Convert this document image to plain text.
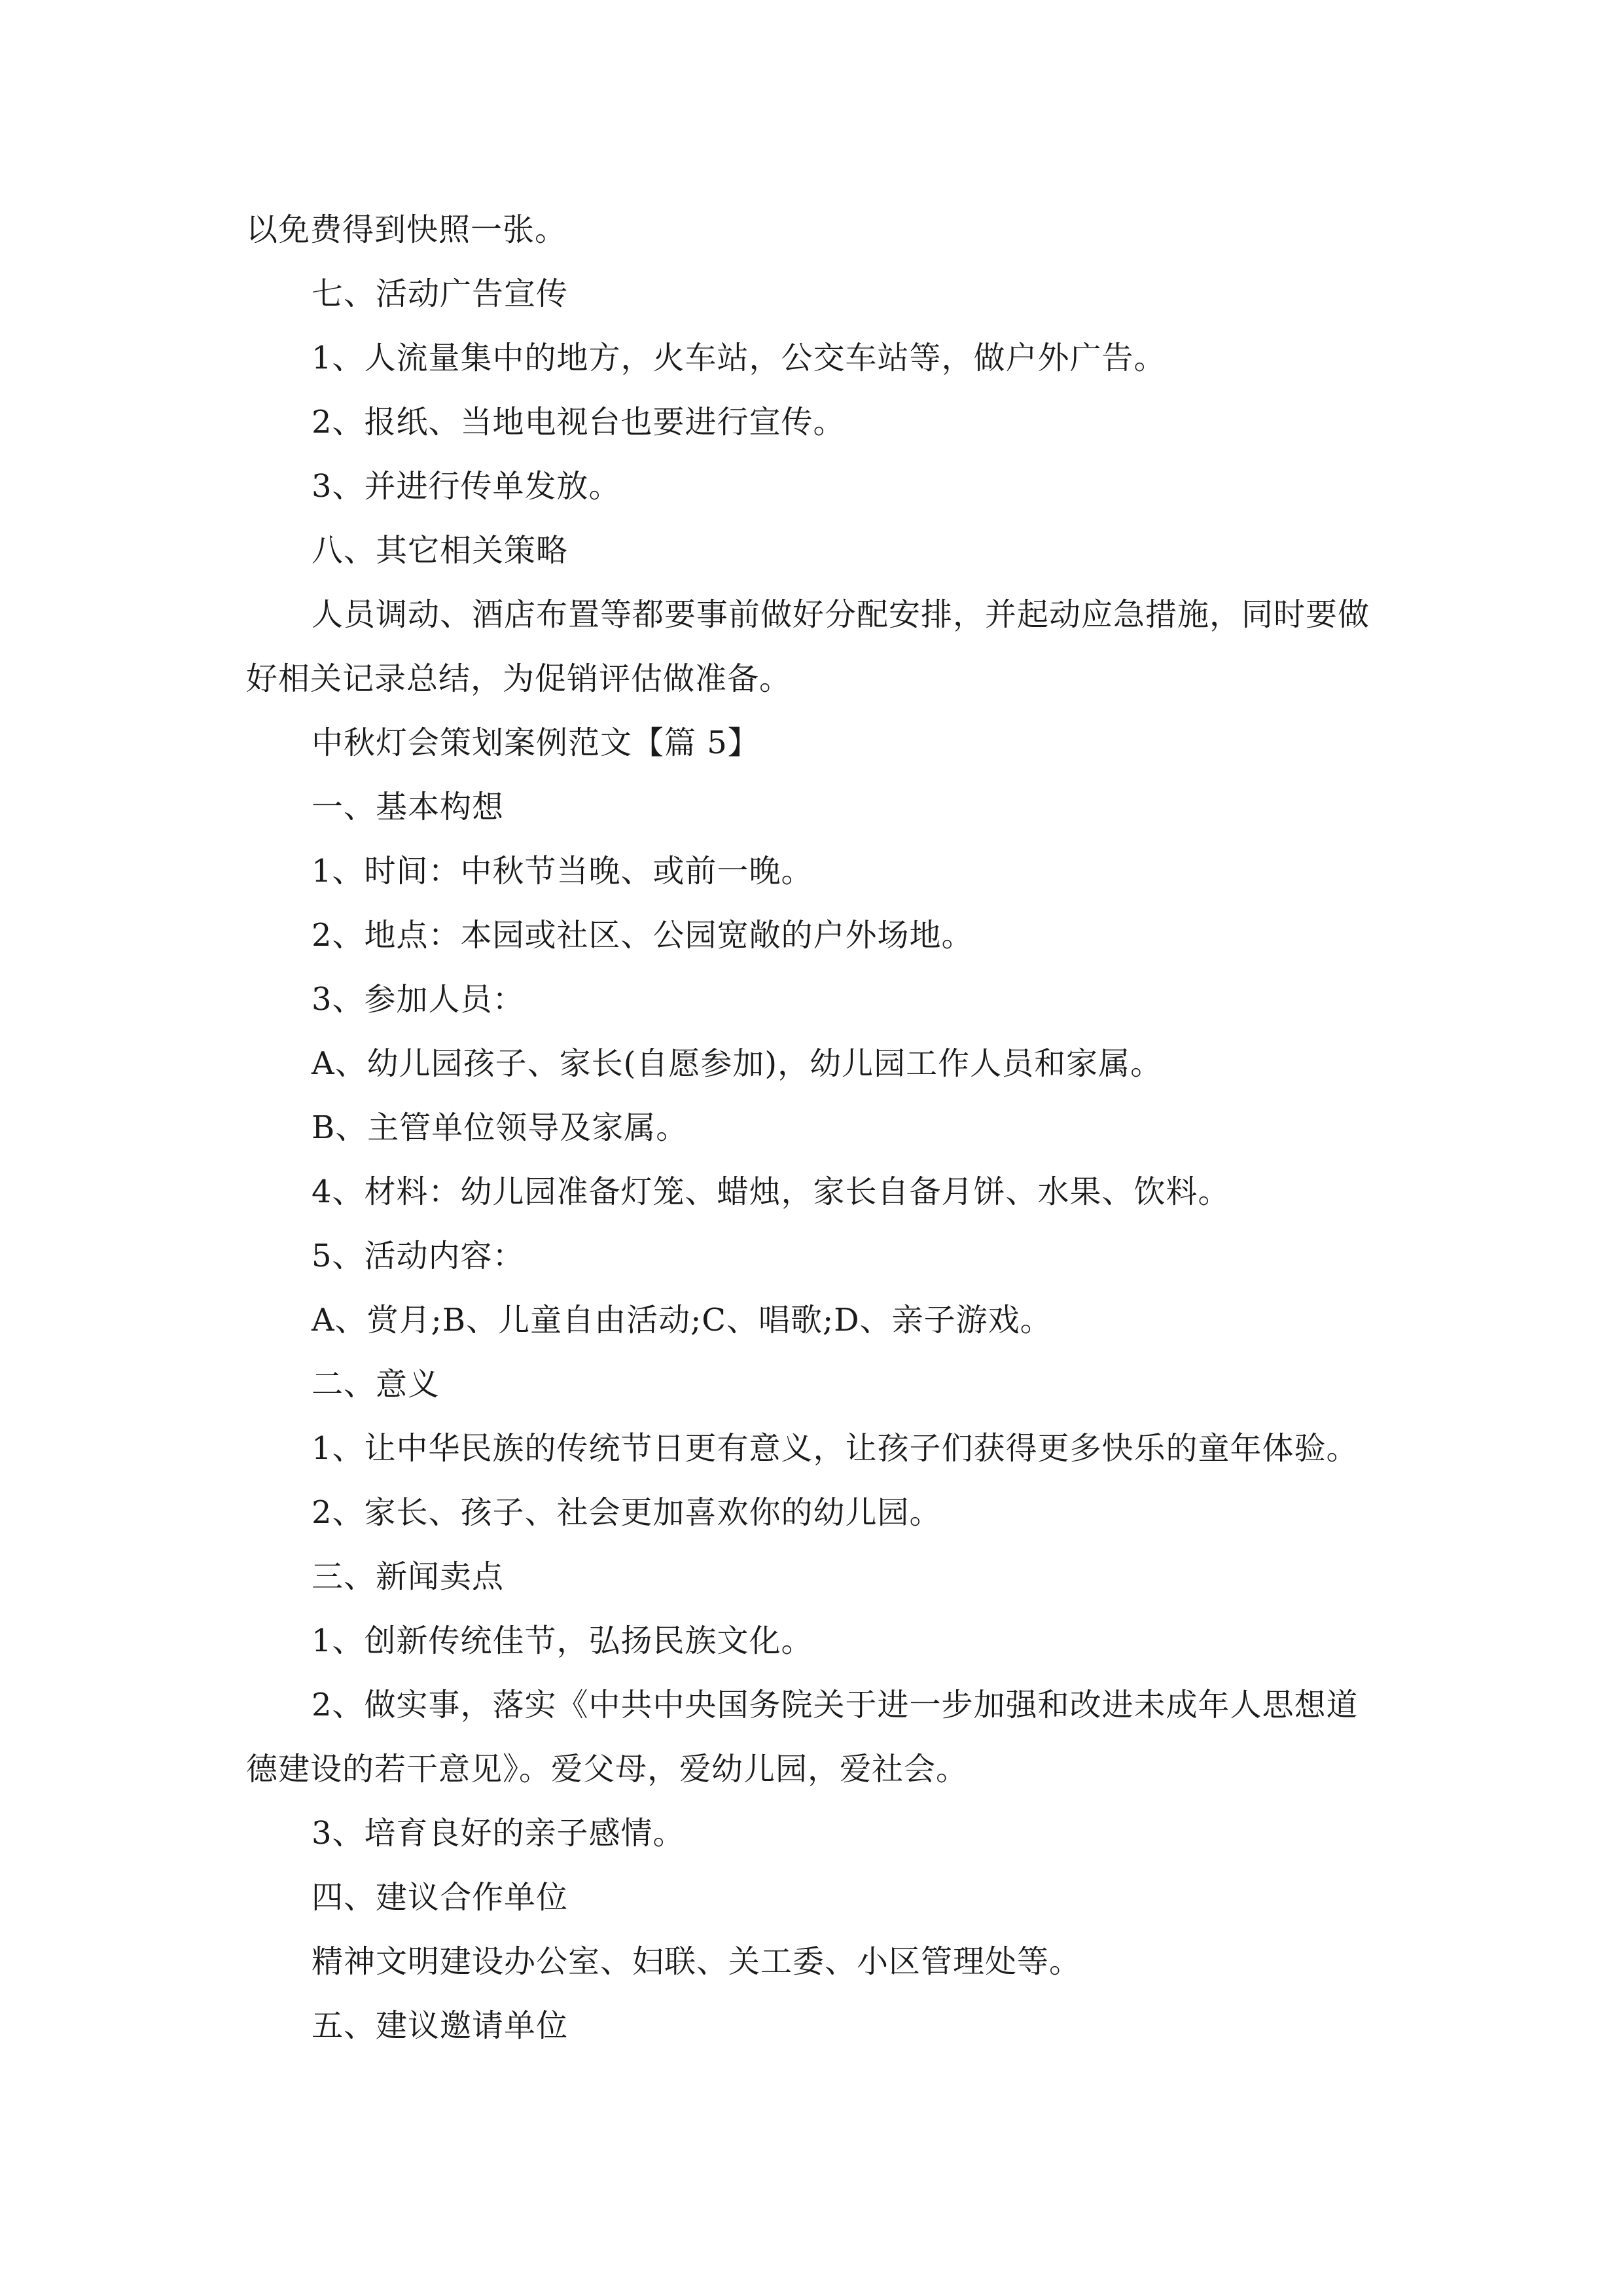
以免费得到快照一张。
七、活动广告宣传
1、人流量集中的地方，火车站，公交车站等，做户外广告。
2、报纸、当地电视台也要进行宣传。
3、并进行传单发放。
八、其它相关策略
人员调动、酒店布置等都要事前做好分配安排，并起动应急措施，同时要做
好相关记录总结，为促销评估做准备。
中秋灯会策划案例范文【篇 5】
一、基本构想
1、时间：中秋节当晚、或前一晚。
2、地点：本园或社区、公园宽敞的户外场地。
3、参加人员：
A、幼儿园孩子、家长(自愿参加)，幼儿园工作人员和家属。
B、主管单位领导及家属。
4、材料：幼儿园准备灯笼、蜡烛，家长自备月饼、水果、饮料。
5、活动内容：
A、赏月;B、儿童自由活动;C、唱歌;D、亲子游戏。
二、意义
1、让中华民族的传统节日更有意义，让孩子们获得更多快乐的童年体验。
2、家长、孩子、社会更加喜欢你的幼儿园。
三、新闻卖点
1、创新传统佳节，弘扬民族文化。
2、做实事，落实《中共中央国务院关于进一步加强和改进未成年人思想道
德建设的若干意见》。爱父母，爱幼儿园，爱社会。
3、培育良好的亲子感情。
四、建议合作单位
精神文明建设办公室、妇联、关工委、小区管理处等。
五、建议邀请单位
